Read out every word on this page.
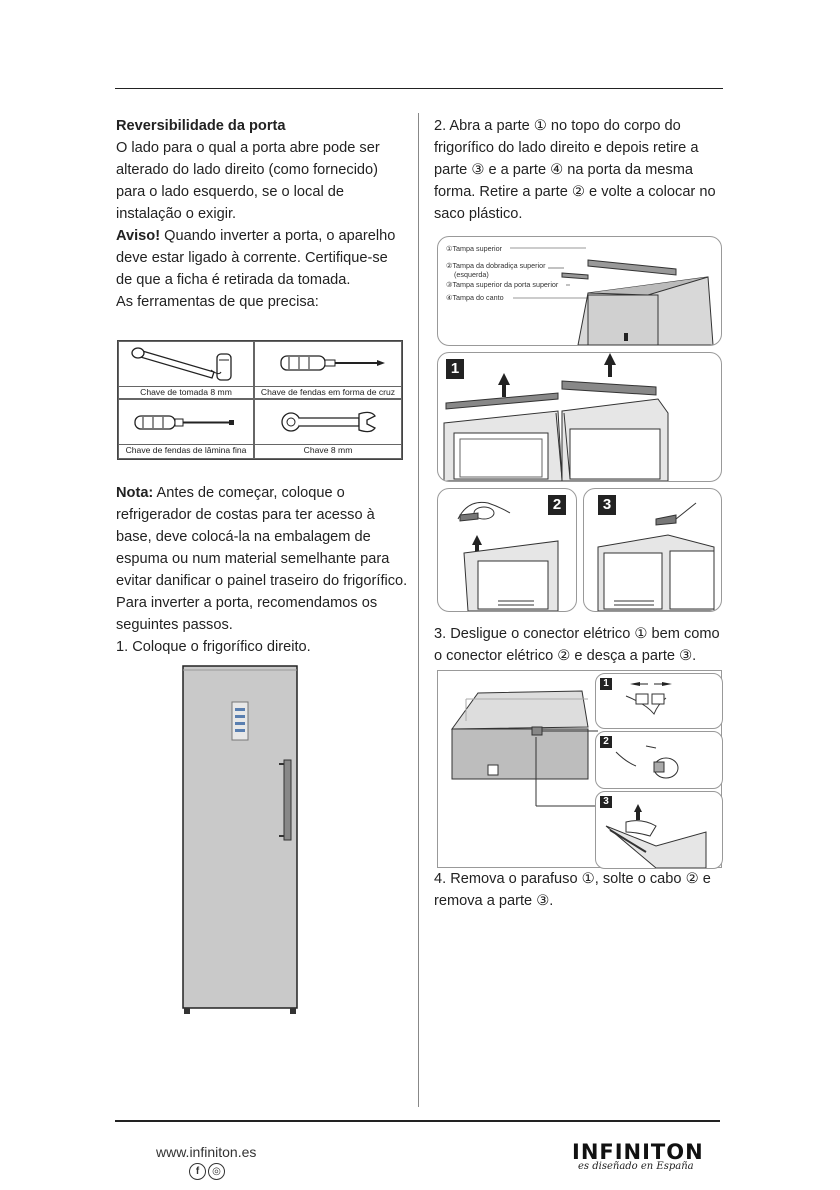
Reversibilidade da porta
O lado para o qual a porta abre pode ser alterado do lado direito (como fornecido) para o lado esquerdo, se o local de instalação o exigir.
Aviso! Quando inverter a porta, o aparelho deve estar ligado à corrente. Certifique-se de que a ficha é retirada da tomada.
As ferramentas de que precisa:
Chave de tomada 8 mm	Chave de fendas em forma de cruz
Chave de fendas de lâmina fina	Chave 8 mm
Nota: Antes de começar, coloque o refrigerador de costas para ter acesso à base, deve colocá-la na embalagem de espuma ou num material semelhante para evitar danificar o painel traseiro do frigorífico. Para inverter a porta, recomendamos os seguintes passos.
1. Coloque o frigorífico direito.
2. Abra a parte ① no topo do corpo do frigorífico do lado direito e depois retire a parte ③ e a parte ④ na porta da mesma forma. Retire a parte ② e volte a colocar no saco plástico.
①Tampa superior
②Tampa da dobradiça superior
(esquerda)
③Tampa superior da porta superior
④Tampa do canto
1
2	3
3. Desligue o conector elétrico ① bem como o conector elétrico ② e desça a parte ③.
1
2
3
4. Remova o parafuso ①, solte o cabo ② e remova a parte ③.
www.infiniton.es
f	◎
INFINITON
es diseñado en España
